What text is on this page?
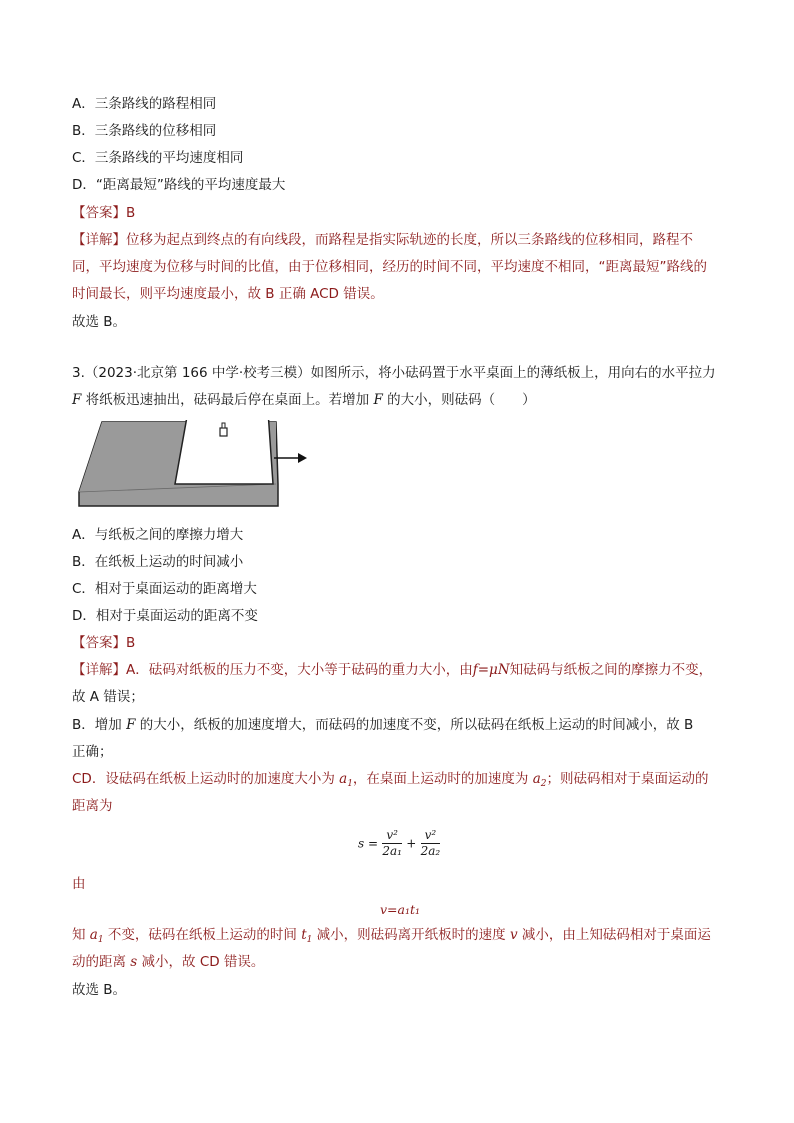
A．三条路线的路程相同
B．三条路线的位移相同
C．三条路线的平均速度相同
D．“距离最短”路线的平均速度最大
【答案】B
【详解】位移为起点到终点的有向线段，而路程是指实际轨迹的长度，所以三条路线的位移相同，路程不
同，平均速度为位移与时间的比值，由于位移相同，经历的时间不同，平均速度不相同，“距离最短”路线的
时间最长，则平均速度最小，故 B 正确 ACD 错误。
故选 B。
3.（2023·北京第 166 中学·校考三模）如图所示，将小砝码置于水平桌面上的薄纸板上，用向右的水平拉力
F 将纸板迅速抽出，砝码最后停在桌面上。若增加 F 的大小，则砝码（　　）
A．与纸板之间的摩擦力增大
B．在纸板上运动的时间减小
C．相对于桌面运动的距离增大
D．相对于桌面运动的距离不变
【答案】B
【详解】A．砝码对纸板的压力不变，大小等于砝码的重力大小，由f=μN知砝码与纸板之间的摩擦力不变，
故 A 错误；
B．增加 F 的大小，纸板的加速度增大，而砝码的加速度不变，所以砝码在纸板上运动的时间减小，故 B
正确；
CD．设砝码在纸板上运动时的加速度大小为 $a_1$，在桌面上运动时的加速度为 $a_2$；则砝码相对于桌面运动的
距离为
$s = \frac{\text{v²}}{\text{2a₁}} + \frac{\text{v²}}{\text{2a₂}}$
由
v=a₁t₁
知 $a_1$ 不变，砝码在纸板上运动的时间 $t_1$ 减小，则砝码离开纸板时的速度 v 减小，由上知砝码相对于桌面运
动的距离 s 减小，故 CD 错误。
故选 B。
